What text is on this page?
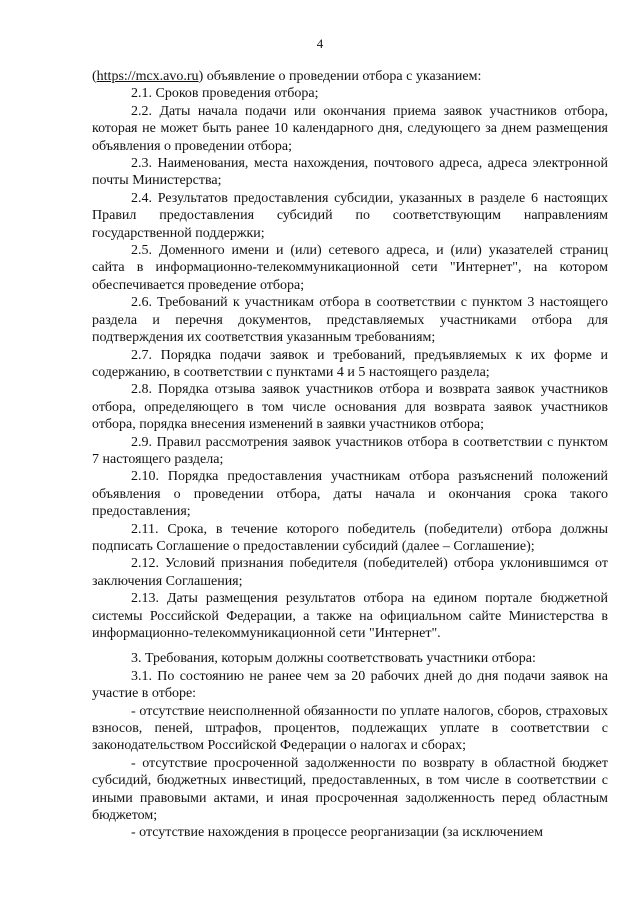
4

(https://mcx.avo.ru) объявление о проведении отбора с указанием:

2.1. Сроков проведения отбора;

2.2. Даты начала подачи или окончания приема заявок участников отбора, которая не может быть ранее 10 календарного дня, следующего за днем размещения объявления о проведении отбора;

2.3. Наименования, места нахождения, почтового адреса, адреса электронной почты Министерства;

2.4. Результатов предоставления субсидии, указанных в разделе 6 настоящих Правил предоставления субсидий по соответствующим направлениям государственной поддержки;

2.5. Доменного имени и (или) сетевого адреса, и (или) указателей страниц сайта в информационно-телекоммуникационной сети "Интернет", на котором обеспечивается проведение отбора;

2.6. Требований к участникам отбора в соответствии с пунктом 3 настоящего раздела и перечня документов, представляемых участниками отбора для подтверждения их соответствия указанным требованиям;

2.7. Порядка подачи заявок и требований, предъявляемых к их форме и содержанию, в соответствии с пунктами 4 и 5 настоящего раздела;

2.8. Порядка отзыва заявок участников отбора и возврата заявок участников отбора, определяющего в том числе основания для возврата заявок участников отбора, порядка внесения изменений в заявки участников отбора;

2.9. Правил рассмотрения заявок участников отбора в соответствии с пунктом 7 настоящего раздела;

2.10. Порядка предоставления участникам отбора разъяснений положений объявления о проведении отбора, даты начала и окончания срока такого предоставления;

2.11. Срока, в течение которого победитель (победители) отбора должны подписать Соглашение о предоставлении субсидий (далее – Соглашение);

2.12. Условий признания победителя (победителей) отбора уклонившимся от заключения Соглашения;

2.13. Даты размещения результатов отбора на едином портале бюджетной системы Российской Федерации, а также на официальном сайте Министерства в информационно-телекоммуникационной сети "Интернет".

3. Требования, которым должны соответствовать участники отбора:

3.1. По состоянию не ранее чем за 20 рабочих дней до дня подачи заявок на участие в отборе:

- отсутствие неисполненной обязанности по уплате налогов, сборов, страховых взносов, пеней, штрафов, процентов, подлежащих уплате в соответствии с законодательством Российской Федерации о налогах и сборах;

- отсутствие просроченной задолженности по возврату в областной бюджет субсидий, бюджетных инвестиций, предоставленных, в том числе в соответствии с иными правовыми актами, и иная просроченная задолженность перед областным бюджетом;

- отсутствие нахождения в процессе реорганизации (за исключением
